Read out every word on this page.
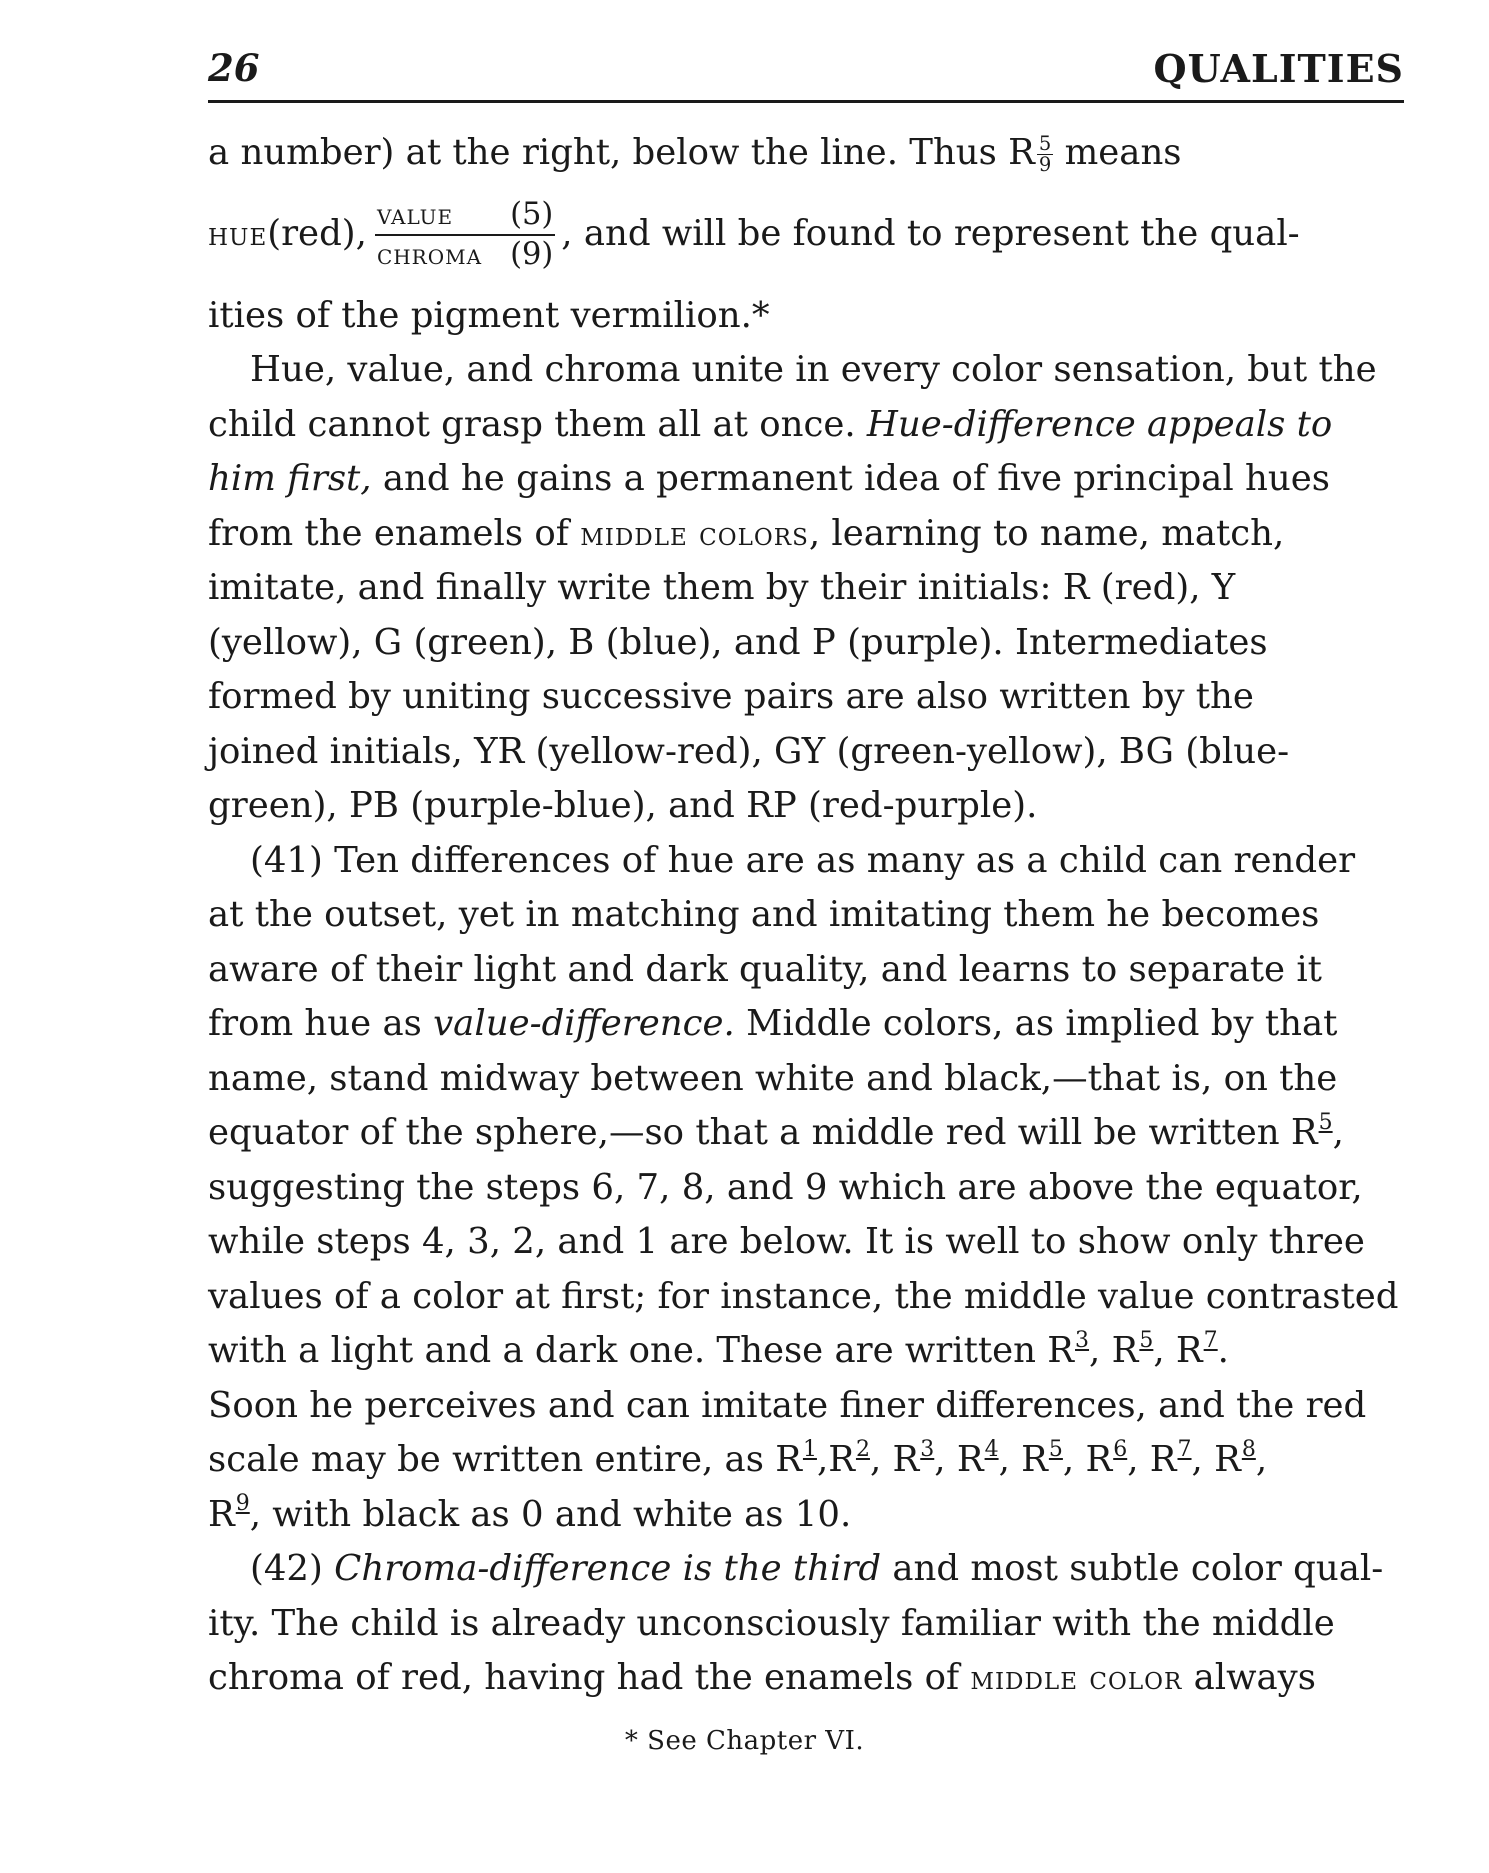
26	QUALITIES
a number) at the right, below the line. Thus R $\frac{5}{9}$ means
hue (red), $\frac{\text{value (5)}}{\text{chroma (9)}}$ , and will be found to represent the qual-
ities of the pigment vermilion.*
Hue, value, and chroma unite in every color sensation, but the
child cannot grasp them all at once. Hue-difference appeals to
him first, and he gains a permanent idea of five principal hues
from the enamels of middle colors, learning to name, match,
imitate, and finally write them by their initials: R (red), Y
(yellow), G (green), B (blue), and P (purple). Intermediates
formed by uniting successive pairs are also written by the
joined initials, YR (yellow-red), GY (green-yellow), BG (blue-
green), PB (purple-blue), and RP (red-purple).
(41) Ten differences of hue are as many as a child can render
at the outset, yet in matching and imitating them he becomes
aware of their light and dark quality, and learns to separate it
from hue as value-difference. Middle colors, as implied by that
name, stand midway between white and black,—that is, on the
equator of the sphere,—so that a middle red will be written R5,
suggesting the steps 6, 7, 8, and 9 which are above the equator,
while steps 4, 3, 2, and 1 are below. It is well to show only three
values of a color at first; for instance, the middle value contrasted
with a light and a dark one. These are written R3, R5, R7.
Soon he perceives and can imitate finer differences, and the red
scale may be written entire, as R1,R2, R3, R4, R5, R6, R7, R8,
R9, with black as 0 and white as 10.
(42) Chroma-difference is the third and most subtle color qual-
ity. The child is already unconsciously familiar with the middle
chroma of red, having had the enamels of middle color always
* See Chapter VI.
